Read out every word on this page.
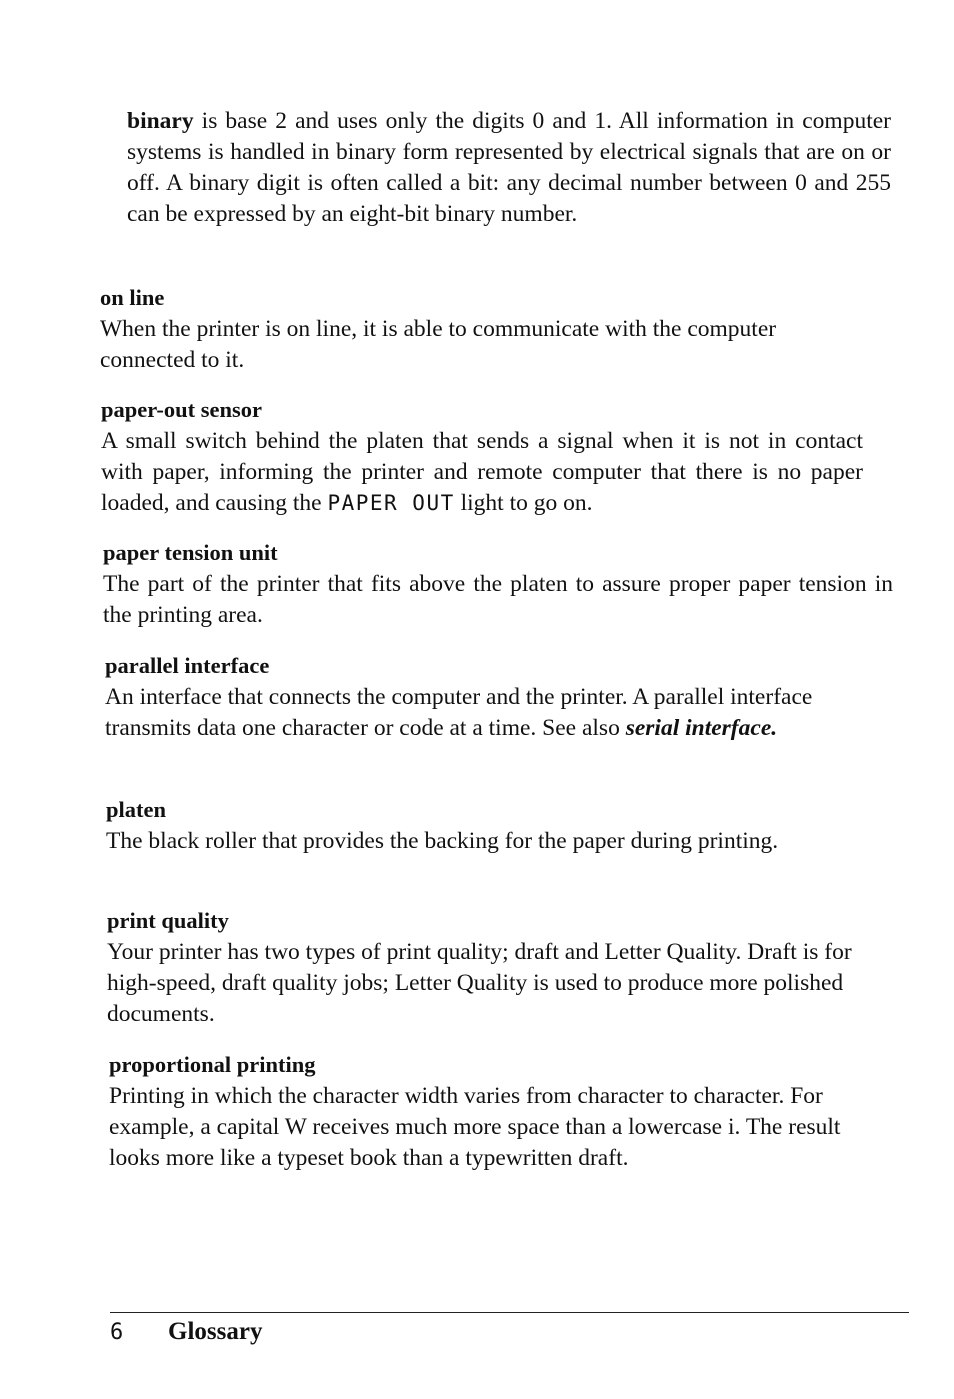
binary is base 2 and uses only the digits 0 and 1. All information in computer systems is handled in binary form represented by electrical signals that are on or off. A binary digit is often called a bit: any decimal number between 0 and 255 can be expressed by an eight-bit binary number.

on line

When the printer is on line, it is able to communicate with the computer connected to it.

paper-out sensor

A small switch behind the platen that sends a signal when it is not in contact with paper, informing the printer and remote computer that there is no paper loaded, and causing the PAPER OUT light to go on.

paper tension unit

The part of the printer that fits above the platen to assure proper paper tension in the printing area.

parallel interface

An interface that connects the computer and the printer. A parallel interface transmits data one character or code at a time. See also serial interface.

platen

The black roller that provides the backing for the paper during printing.

print quality

Your printer has two types of print quality; draft and Letter Quality. Draft is for high-speed, draft quality jobs; Letter Quality is used to produce more polished documents.

proportional printing

Printing in which the character width varies from character to character. For example, a capital W receives much more space than a lowercase i. The result looks more like a typeset book than a typewritten draft.

6 Glossary
